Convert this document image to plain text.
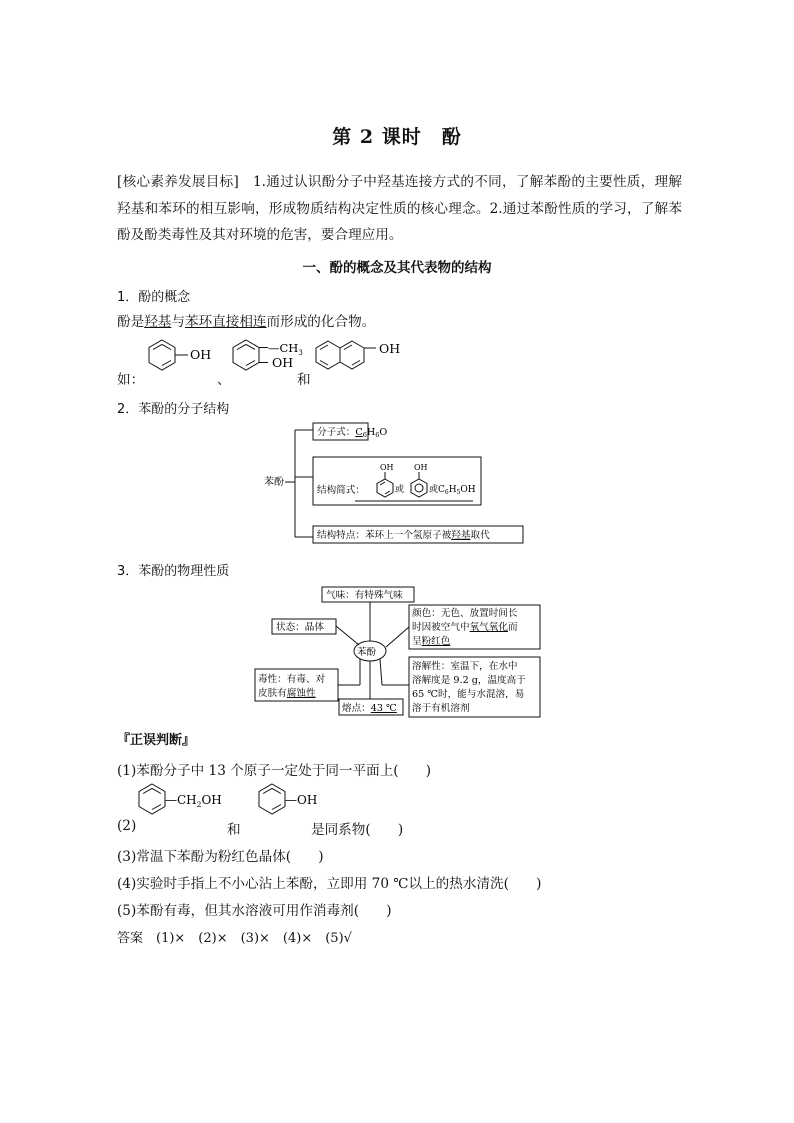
第 2 课时　酚
[核心素养发展目标]　1.通过认识酚分子中羟基连接方式的不同，了解苯酚的主要性质，理解羟基和苯环的相互影响，形成物质结构决定性质的核心理念。2.通过苯酚性质的学习，了解苯酚及酚类毒性及其对环境的危害，要合理应用。
一、酚的概念及其代表物的结构
1．酚的概念
酚是羟基与苯环直接相连而形成的化合物。
如：	、	和
OH	$—CH_3$
OH
OH
2．苯酚的分子结构
苯酚
分子式：$C_6H_6O$
OH	OH
结构简式：	或	或$C_6H_5OH$
结构特点：苯环上一个氢原子被羟基取代
3．苯酚的物理性质
苯酚
气味：有特殊气味
状态：晶体
颜色：无色、放置时间长
时因被空气中氧气氧化而
呈粉红色
毒性：有毒、对
皮肤有腐蚀性
溶解性：室温下，在水中
溶解度是 9.2 g，温度高于
65 ℃时，能与水混溶，易
溶于有机溶剂
熔点：43 ℃
『正误判断』
(1)苯酚分子中 13 个原子一定处于同一平面上(　　)
$—CH_2OH$	—OH
(2)	和	是同系物(　　)
(3)常温下苯酚为粉红色晶体(　　)
(4)实验时手指上不小心沾上苯酚，立即用 70 ℃以上的热水清洗(　　)
(5)苯酚有毒，但其水溶液可用作消毒剂(　　)
答案　(1)×　(2)×　(3)×　(4)×　(5)√
